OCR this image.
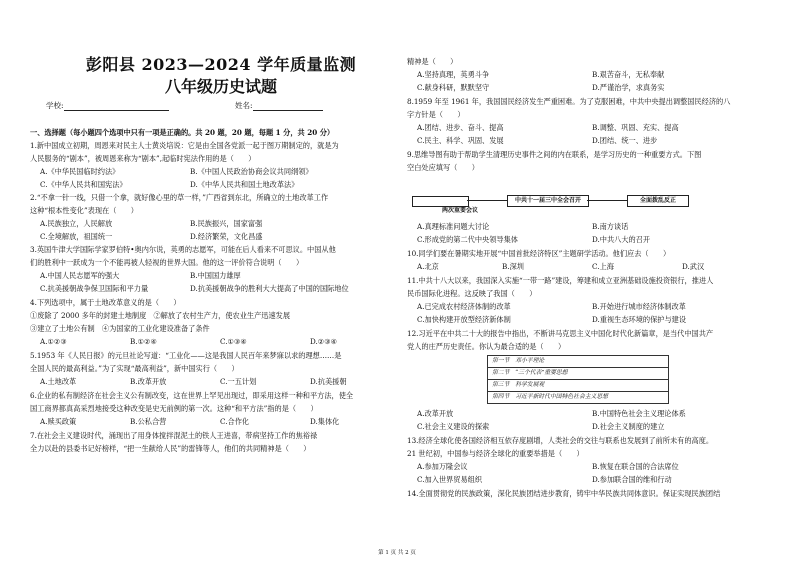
彭阳县 2023—2024 学年质量监测
八年级历史试题
学校:	姓名:
一、选择题（每小题四个选项中只有一项是正确的。共 20 题，20 题，每题 1 分，共 20 分）
1.新中国成立初期，周恩来对民主人士黄炎培说：它是由全国各党派一起于图万期制定的，就是为
人民服务的“剧本”，被周恩来称为“剧本”,起临时宪法作用的是（　　）
A.《中华民国临时约法》	B.《中国人民政治协商会议共同纲领》
C.《中华人民共和国宪法》	D.《中华人民共和国土地改革法》
2.“不拿一针一线，只借一个拿，就好像心里的草一样，”广西省到东北，所确立的土地改革工作
这种“根本性变化”表现在（　　）
A.民族独立，人民解放	B.民族振兴，国家富强
C.全境解放，祖国统一	D.经济繁荣，文化昌盛
3.英国牛津大学国际学家罗伯特•奥内尔说，英勇的志愿军，可能在后人看来不可思议。中国从他
们的胜利中一跃成为一个不能再被人轻视的世界大国。他的这一评价符合说明（　　）
A.中国人民志愿军的强大	B.中国国力雄厚
C.抗美援朝战争保卫国际和平力量	D.抗美援朝战争的胜利大大提高了中国的国际地位
4.下列选项中，属于土地改革意义的是（　　）
①废除了 2000 多年的封建土地制度　②解放了农村生产力，使农业生产迅速发展
③建立了土地公有制　④为国家的工业化建设准备了条件
A.①②③	B.①②④	C.①③④	D.②③④
5.1953 年《人民日报》的元旦社论写道：“工业化——这是我国人民百年来梦寐以求的理想……是
全国人民的最高利益。”为了实现“最高利益”，新中国实行（　　）
A.土地改革	B.改革开放	C.一五计划	D.抗美援朝
6.企业的私有制经济在社会主义公有制改变，这在世界上罕见出现过，即采用这样一种和平方法，使全
国工商界都真高采烈地接受这种改变是史无前例的第一次。这种“和平方法”指的是（　　）
A.赎买政策	B.公私合营	C.合作化	D.集体化
7.在社会主义建设时代，涌现出了用身体搅拌混泥土的铁人王进喜，带病坚持工作的焦裕禄
全力以赴的县委书记好榜样，“把一生献给人民”的雷锋等人，他们的共同精神是（　　）
精神是（　　）
A.坚持真理，英勇斗争	B.艰苦奋斗，无私奉献
C.献身科研，默默坚守	D.严谨治学，求真务实
8.1959 年至 1961 年，我国国民经济发生严重困难。为了克服困难，中共中央提出调整国民经济的八
字方针是（　　）
A.团结、进步、奋斗、提高	B.调整、巩固、充实、提高
C.民主、科学、巩固、发展	D.团结、统一、进步
9.思维导图有助于帮助学生清理历史事件之间的内在联系，是学习历史的一种重要方式。下图
空白处应填写（　　）
两次重要会议
中共十一届三中全会召开	全面拨乱反正
A.真理标准问题大讨论	B.南方谈话
C.形成党的第二代中央领导集体	D.中共八大的召开
10.同学们要在暑期实地开展“中国首批经济特区”主题研学活动。他们应去（　　）
A.北京	B.深圳	C.上海	D.武汉
11.中共十八大以来，我国深入实施“一带一路”建设，筹建和成立亚洲基础设施投资银行，推进人
民币国际化进程。这反映了我国（　　）
A.已完成农村经济体制的改革	B.开始进行城市经济体制改革
C.加快构建开放型经济新体制	D.重视生态环境的保护与建设
12.习近平在中共二十大的报告中指出，不断讲马克思主义中国化时代化新篇章，是当代中国共产
党人的庄严历史责任。你认为最合适的是（　　）
第一节　邓小平理论
第二节　“三个代表”重要思想
第三节　科学发展观
第四节　习近平新时代中国特色社会主义思想
A.改革开放	B.中国特色社会主义理论体系
C.社会主义建设的探索	D.社会主义制度的建立
13.经济全球化使各国经济相互依存度剧增，人类社会的交往与联系也发展到了前所未有的高度。
21 世纪初，中国参与经济全球化的重要举措是（　　）
A.参加万隆会议	B.恢复在联合国的合法席位
C.加入世界贸易组织	D.参加联合国的维和行动
14.全面贯彻党的民族政策，深化民族团结进步教育，铸牢中华民族共同体意识。保证实现民族团结
第 1 页 共 2 页
